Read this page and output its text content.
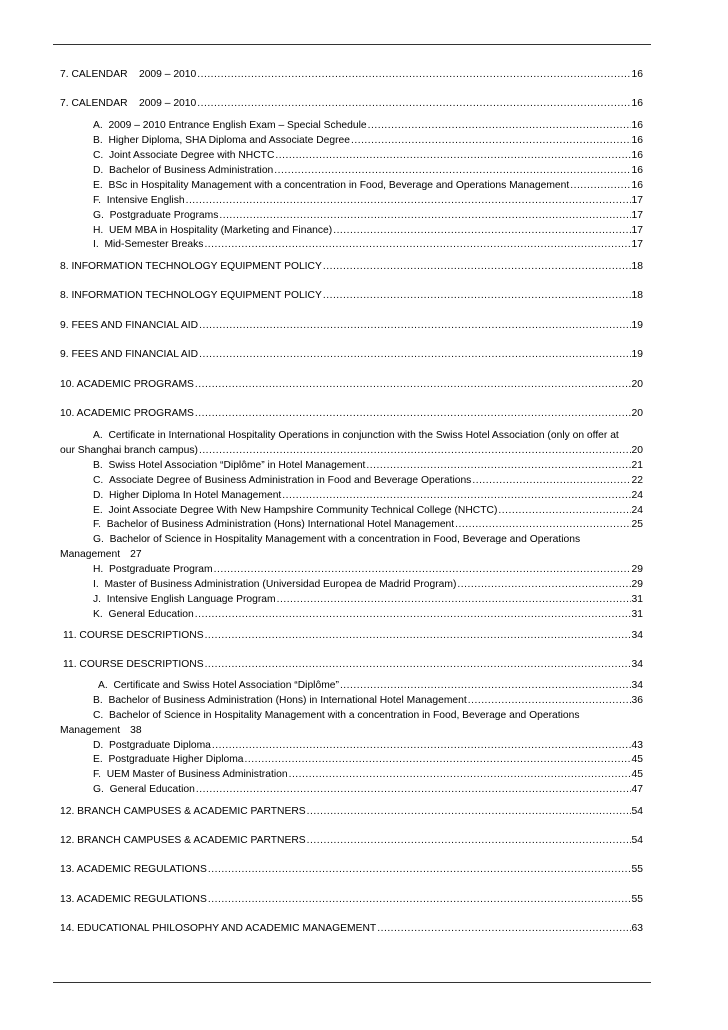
7. CALENDAR    2009 – 2010 .....	16
7. CALENDAR    2009 – 2010 .....	16
A.  2009 – 2010 Entrance English Exam – Special Schedule .....	16
B.  Higher Diploma, SHA Diploma and Associate Degree .....	16
C.  Joint Associate Degree with NHCTC .....	16
D.  Bachelor of Business Administration .....	16
E.  BSc in Hospitality Management with a concentration in Food, Beverage and Operations Management .....	16
F.  Intensive English .....	17
G.  Postgraduate Programs .....	17
H.  UEM MBA in Hospitality (Marketing and Finance) .....	17
I.  Mid-Semester Breaks .....	17
8. INFORMATION TECHNOLOGY EQUIPMENT POLICY .....	18
8. INFORMATION TECHNOLOGY EQUIPMENT POLICY .....	18
9. FEES AND FINANCIAL AID .....	19
9. FEES AND FINANCIAL AID .....	19
10. ACADEMIC PROGRAMS .....	20
10. ACADEMIC PROGRAMS .....	20
A.  Certificate in International Hospitality Operations in conjunction with the Swiss Hotel Association (only on offer at
our Shanghai branch campus) .....	20
B.  Swiss Hotel Association “Diplôme” in Hotel Management .....	21
C.  Associate Degree of Business Administration in Food and Beverage Operations .....	22
D.  Higher Diploma In Hotel Management .....	24
E.  Joint Associate Degree With New Hampshire Community Technical College (NHCTC) .....	24
F.  Bachelor of Business Administration (Hons) International Hotel Management .....	25
G.  Bachelor of Science in Hospitality Management with a concentration in Food, Beverage and Operations
Management 27
H.  Postgraduate Program .....	29
I.  Master of Business Administration (Universidad Europea de Madrid Program) .....	29
J.  Intensive English Language Program .....	31
K.  General Education .....	31
11. COURSE DESCRIPTIONS .....	34
11. COURSE DESCRIPTIONS .....	34
A.  Certificate and Swiss Hotel Association “Diplôme” .....	34
B.  Bachelor of Business Administration (Hons) in International Hotel Management .....	36
C.  Bachelor of Science in Hospitality Management with a concentration in Food, Beverage and Operations
Management 38
D.  Postgraduate Diploma .....	43
E.  Postgraduate Higher Diploma .....	45
F.  UEM Master of Business Administration .....	45
G.  General Education .....	47
12. BRANCH CAMPUSES & ACADEMIC PARTNERS .....	54
12. BRANCH CAMPUSES & ACADEMIC PARTNERS .....	54
13. ACADEMIC REGULATIONS .....	55
13. ACADEMIC REGULATIONS .....	55
14. EDUCATIONAL PHILOSOPHY AND ACADEMIC MANAGEMENT .....	63
